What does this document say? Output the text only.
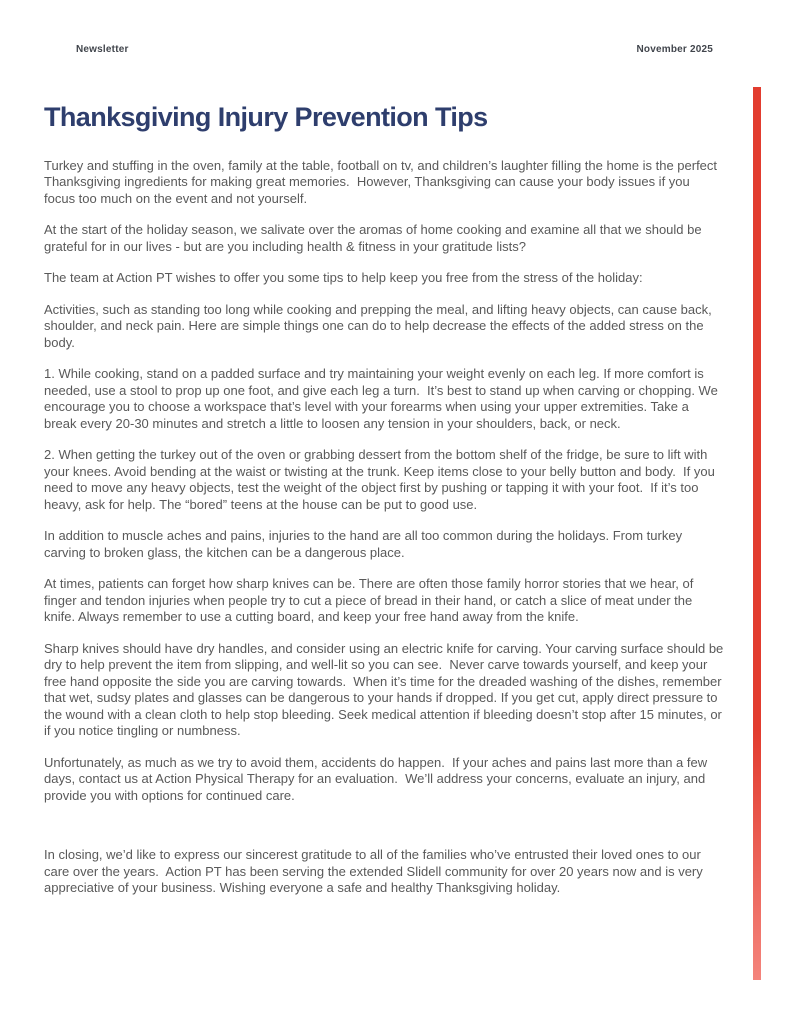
Newsletter	November 2025
Thanksgiving Injury Prevention Tips

Turkey and stuffing in the oven, family at the table, football on tv, and children’s laughter filling the home is the perfect Thanksgiving ingredients for making great memories.  However, Thanksgiving can cause your body issues if you focus too much on the event and not yourself.

At the start of the holiday season, we salivate over the aromas of home cooking and examine all that we should be grateful for in our lives - but are you including health & fitness in your gratitude lists?

The team at Action PT wishes to offer you some tips to help keep you free from the stress of the holiday:

Activities, such as standing too long while cooking and prepping the meal, and lifting heavy objects, can cause back, shoulder, and neck pain. Here are simple things one can do to help decrease the effects of the added stress on the body.

1. While cooking, stand on a padded surface and try maintaining your weight evenly on each leg. If more comfort is needed, use a stool to prop up one foot, and give each leg a turn.  It’s best to stand up when carving or chopping. We encourage you to choose a workspace that’s level with your forearms when using your upper extremities. Take a break every 20-30 minutes and stretch a little to loosen any tension in your shoulders, back, or neck.

2. When getting the turkey out of the oven or grabbing dessert from the bottom shelf of the fridge, be sure to lift with your knees. Avoid bending at the waist or twisting at the trunk. Keep items close to your belly button and body.  If you need to move any heavy objects, test the weight of the object first by pushing or tapping it with your foot.  If it’s too heavy, ask for help. The “bored” teens at the house can be put to good use.

In addition to muscle aches and pains, injuries to the hand are all too common during the holidays. From turkey carving to broken glass, the kitchen can be a dangerous place.

At times, patients can forget how sharp knives can be. There are often those family horror stories that we hear, of finger and tendon injuries when people try to cut a piece of bread in their hand, or catch a slice of meat under the knife. Always remember to use a cutting board, and keep your free hand away from the knife.

Sharp knives should have dry handles, and consider using an electric knife for carving. Your carving surface should be dry to help prevent the item from slipping, and well-lit so you can see.  Never carve towards yourself, and keep your free hand opposite the side you are carving towards.  When it’s time for the dreaded washing of the dishes, remember that wet, sudsy plates and glasses can be dangerous to your hands if dropped. If you get cut, apply direct pressure to the wound with a clean cloth to help stop bleeding. Seek medical attention if bleeding doesn’t stop after 15 minutes, or if you notice tingling or numbness.

Unfortunately, as much as we try to avoid them, accidents do happen.  If your aches and pains last more than a few days, contact us at Action Physical Therapy for an evaluation.  We’ll address your concerns, evaluate an injury, and provide you with options for continued care.

In closing, we’d like to express our sincerest gratitude to all of the families who’ve entrusted their loved ones to our care over the years.  Action PT has been serving the extended Slidell community for over 20 years now and is very appreciative of your business. Wishing everyone a safe and healthy Thanksgiving holiday.
